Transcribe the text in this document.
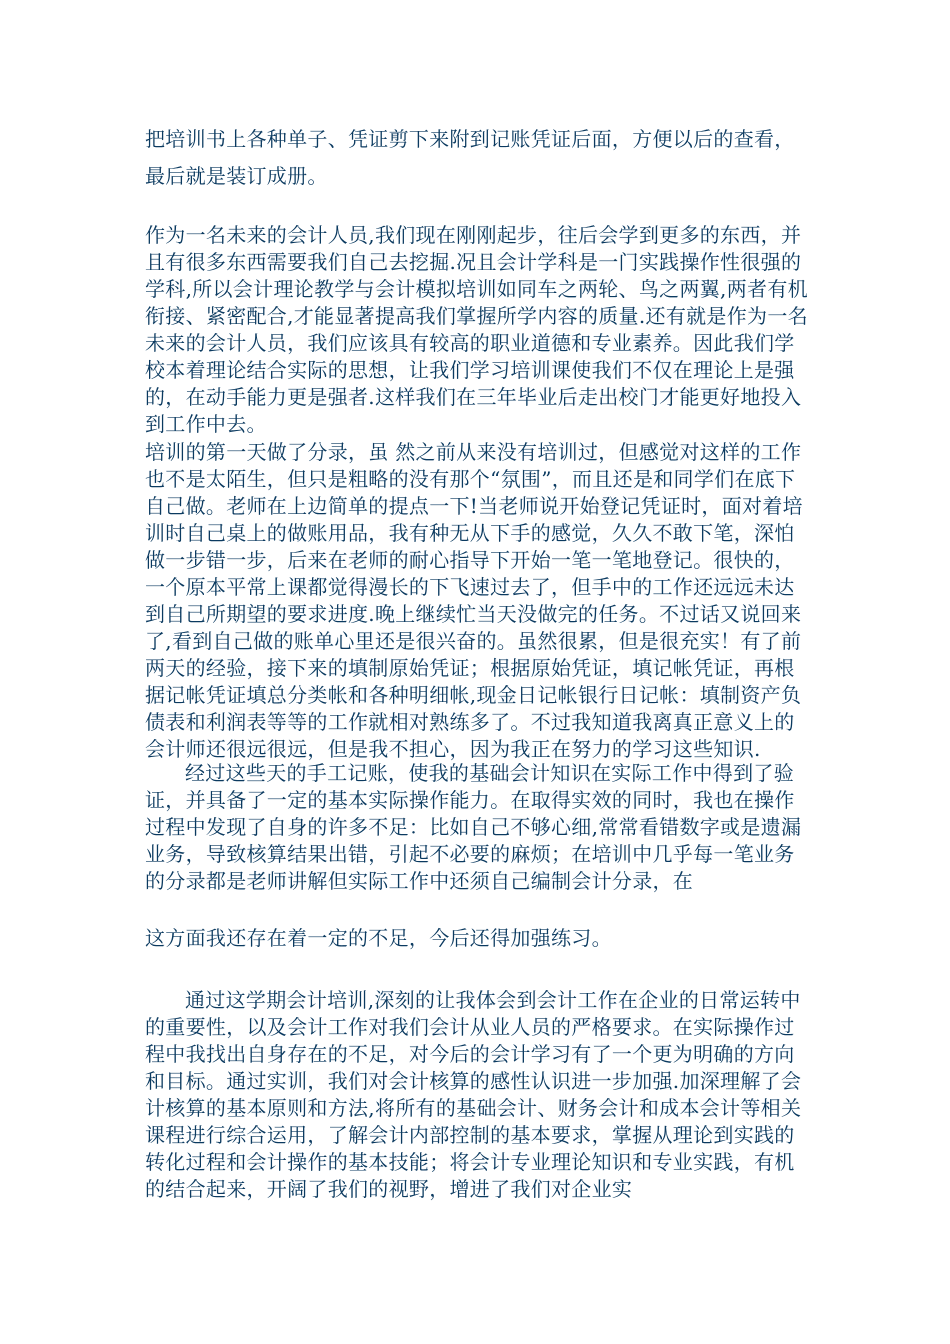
把培训书上各种单子、凭证剪下来附到记账凭证后面，方便以后的查看，最后就是装订成册。

作为一名未来的会计人员,我们现在刚刚起步，往后会学到更多的东西，并且有很多东西需要我们自己去挖掘.况且会计学科是一门实践操作性很强的学科,所以会计理论教学与会计模拟培训如同车之两轮、鸟之两翼,两者有机衔接、紧密配合,才能显著提高我们掌握所学内容的质量.还有就是作为一名未来的会计人员，我们应该具有较高的职业道德和专业素养。因此我们学校本着理论结合实际的思想，让我们学习培训课使我们不仅在理论上是强的，在动手能力更是强者.这样我们在三年毕业后走出校门才能更好地投入到工作中去。

培训的第一天做了分录，虽 然之前从来没有培训过，但感觉对这样的工作也不是太陌生，但只是粗略的没有那个“氛围”，而且还是和同学们在底下自己做。老师在上边简单的提点一下!当老师说开始登记凭证时，面对着培训时自己桌上的做账用品，我有种无从下手的感觉，久久不敢下笔，深怕做一步错一步，后来在老师的耐心指导下开始一笔一笔地登记。很快的，一个原本平常上课都觉得漫长的下飞速过去了，但手中的工作还远远未达到自己所期望的要求进度.晚上继续忙当天没做完的任务。不过话又说回来了,看到自己做的账单心里还是很兴奋的。虽然很累，但是很充实！有了前两天的经验，接下来的填制原始凭证；根据原始凭证，填记帐凭证，再根据记帐凭证填总分类帐和各种明细帐,现金日记帐银行日记帐：填制资产负债表和利润表等等的工作就相对熟练多了。不过我知道我离真正意义上的会计师还很远很远，但是我不担心，因为我正在努力的学习这些知识.

经过这些天的手工记账，使我的基础会计知识在实际工作中得到了验证，并具备了一定的基本实际操作能力。在取得实效的同时，我也在操作过程中发现了自身的许多不足：比如自己不够心细,常常看错数字或是遗漏业务，导致核算结果出错，引起不必要的麻烦；在培训中几乎每一笔业务的分录都是老师讲解但实际工作中还须自己编制会计分录，在

这方面我还存在着一定的不足，今后还得加强练习。

通过这学期会计培训,深刻的让我体会到会计工作在企业的日常运转中的重要性，以及会计工作对我们会计从业人员的严格要求。在实际操作过程中我找出自身存在的不足，对今后的会计学习有了一个更为明确的方向和目标。通过实训，我们对会计核算的感性认识进一步加强.加深理解了会计核算的基本原则和方法,将所有的基础会计、财务会计和成本会计等相关课程进行综合运用，了解会计内部控制的基本要求，掌握从理论到实践的转化过程和会计操作的基本技能；将会计专业理论知识和专业实践，有机的结合起来，开阔了我们的视野，增进了我们对企业实
